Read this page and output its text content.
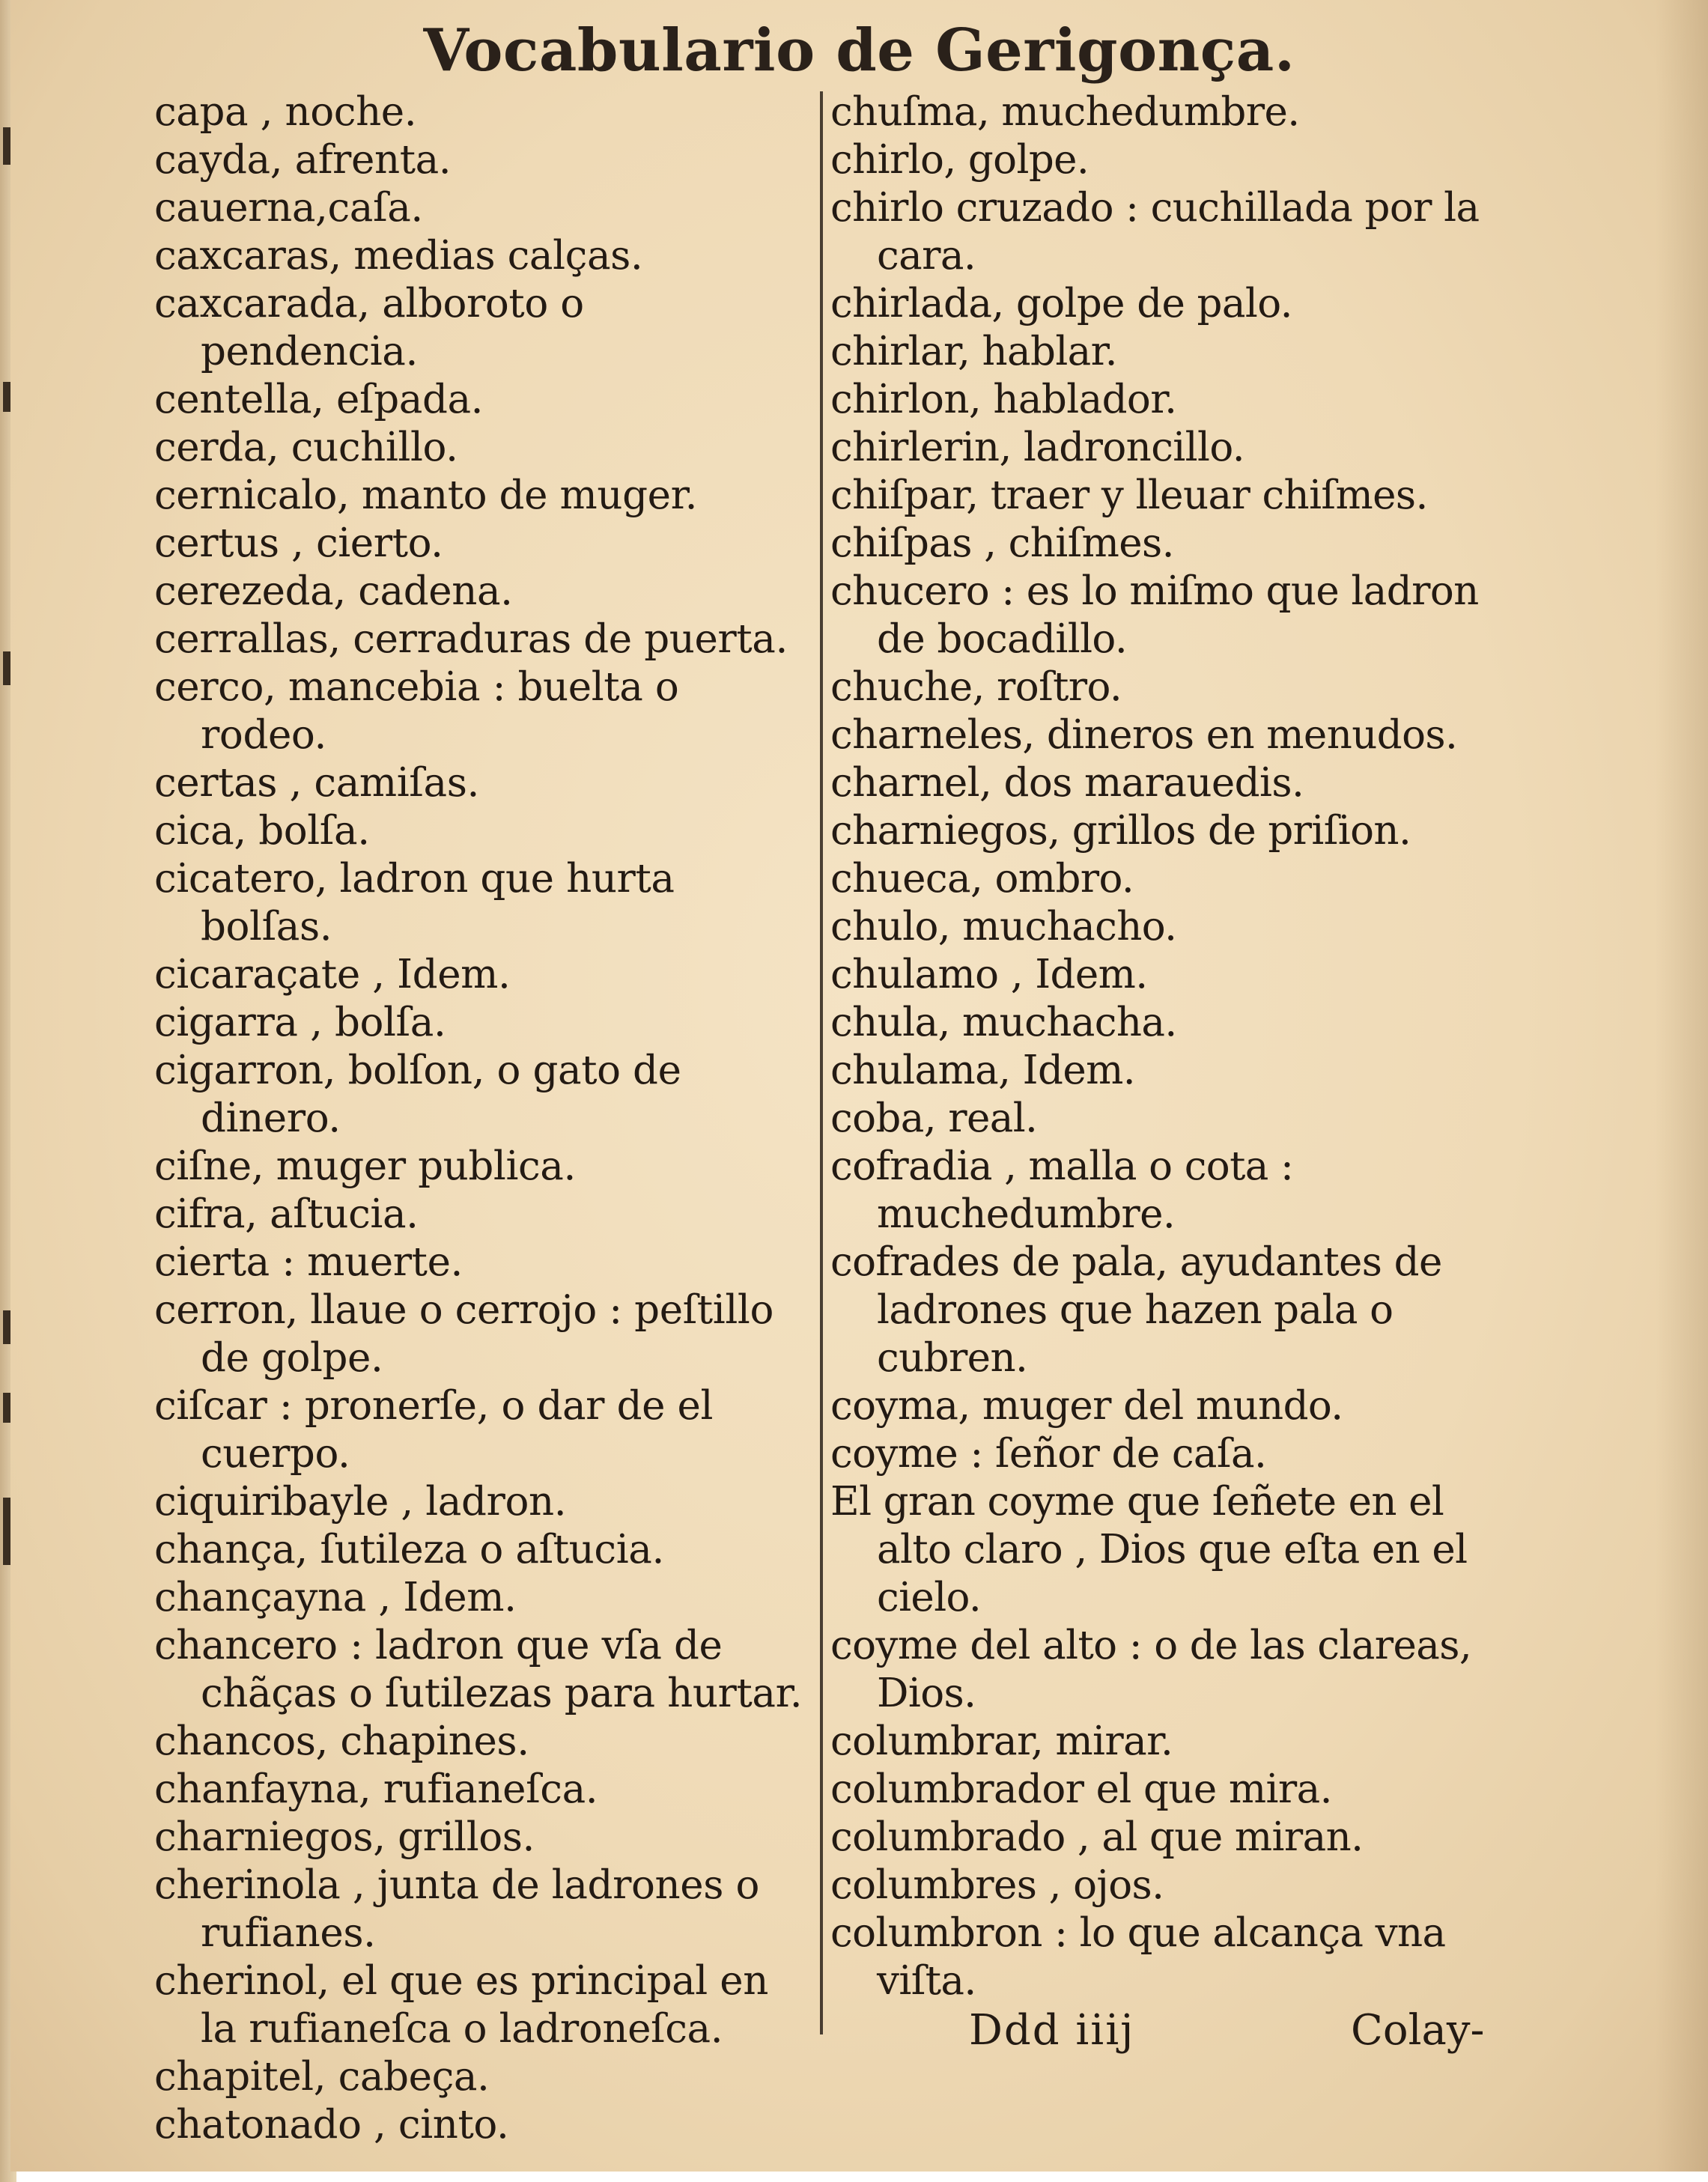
Vocabulario de Gerigonça.

capa , noche.

cayda, afrenta.

cauerna,caſa.

caxcaras, medias calças.

caxcarada, alboroto o pendencia.

centella, eſpada.

cerda, cuchillo.

cernicalo, manto de muger.

certus , cierto.

cerezeda, cadena.

cerrallas, cerraduras de puerta.

cerco, mancebia : buelta o rodeo.

certas , camiſas.

cica, bolſa.

cicatero, ladron que hurta bolſas.

cicaraçate , Idem.

cigarra , bolſa.

cigarron, bolſon, o gato de dinero.

ciſne, muger publica.

cifra, aſtucia.

cierta : muerte.

cerron, llaue o cerrojo : peſtillo de golpe.

ciſcar : pronerſe, o dar de el cuerpo.

ciquiribayle , ladron.

chança, ſutileza o aſtucia.

chançayna , Idem.

chancero : ladron que vſa de chãças o ſutilezas para hurtar.

chancos, chapines.

chanfayna, rufianeſca.

charniegos, grillos.

cherinola , junta de ladrones o rufianes.

cherinol, el que es principal en la rufianeſca o ladroneſca.

chapitel, cabeça.

chatonado , cinto.

chuſma, muchedumbre.

chirlo, golpe.

chirlo cruzado : cuchillada por la cara.

chirlada, golpe de palo.

chirlar, hablar.

chirlon, hablador.

chirlerin, ladroncillo.

chiſpar, traer y lleuar chiſmes.

chiſpas , chiſmes.

chucero : es lo miſmo que ladron de bocadillo.

chuche, roſtro.

charneles, dineros en menudos.

charnel, dos marauedis.

charniegos, grillos de priſion.

chueca, ombro.

chulo, muchacho.

chulamo , Idem.

chula, muchacha.

chulama, Idem.

coba, real.

cofradia , malla o cota : muchedumbre.

cofrades de pala, ayudantes de ladrones que hazen pala o cubren.

coyma, muger del mundo.

coyme : ſeñor de caſa.

El gran coyme que ſeñete en el alto claro , Dios que eſta en el cielo.

coyme del alto : o de las clareas, Dios.

columbrar, mirar.

columbrador el que mira.

columbrado , al que miran.

columbres , ojos.

columbron : lo que alcança vna viſta.

Ddd iiij	Colay-
